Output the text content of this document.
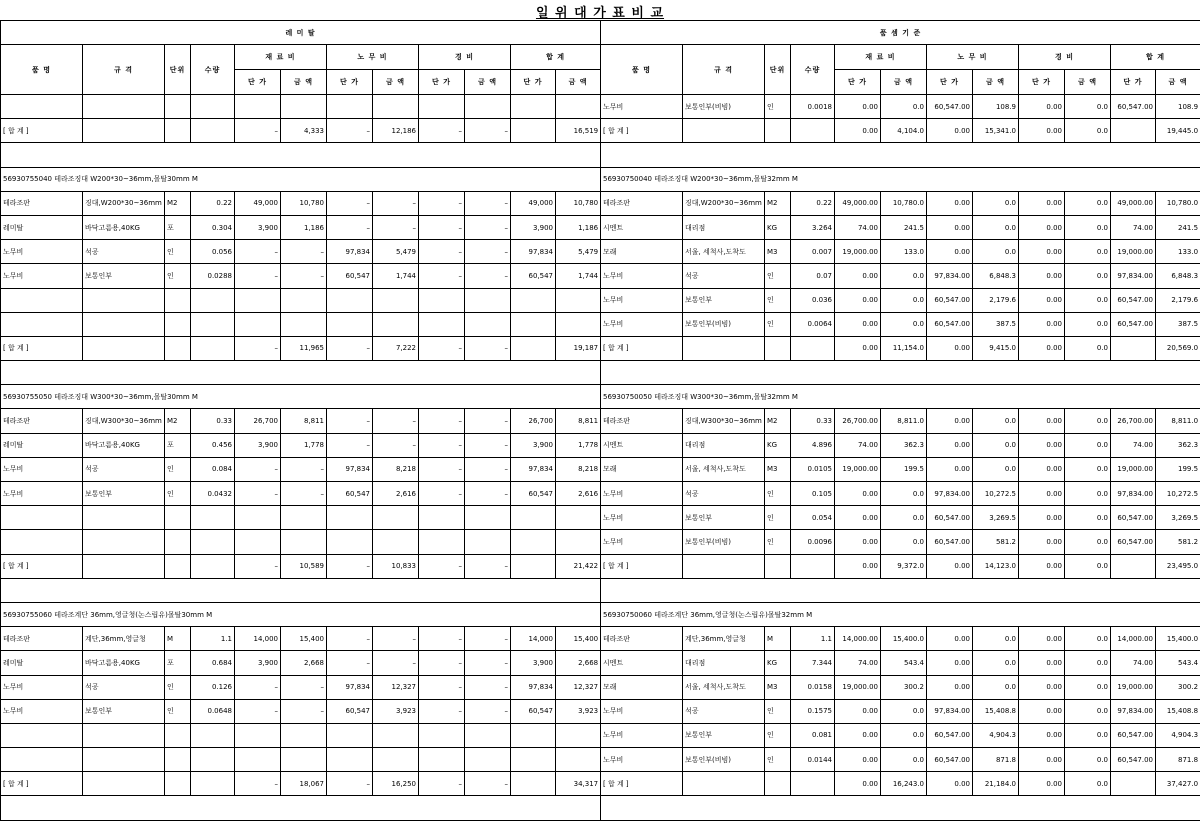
일 위 대 가 표 비 교
레 미 탈											
품 명	규 격	단위	수량	재 료 비		노 무 비		경 비		합 계	
				단 가	금 액	단 가	금 액	단 가	금 액	단 가	금 액

[ 합 계 ]				–	4,333	–	12,186	–	–		16,519

56930755040 테라조징대 W200*30~36mm,몰탈30mm M											
테라조판	징대,W200*30~36mm	M2	0.22	49,000	10,780	–	–	–	–	49,000	10,780
레미탈	바닥고름용,40KG	포	0.304	3,900	1,186	–	–	–	–	3,900	1,186
노무비	석공	인	0.056	–	–	97,834	5,479	–	–	97,834	5,479
노무비	보통인부	인	0.0288	–	–	60,547	1,744	–	–	60,547	1,744

[ 합 계 ]				–	11,965	–	7,222	–	–		19,187

56930755050 테라조징대 W300*30~36mm,몰탈30mm M											
테라조판	징대,W300*30~36mm	M2	0.33	26,700	8,811	–	–	–	–	26,700	8,811
레미탈	바닥고름용,40KG	포	0.456	3,900	1,778	–	–	–	–	3,900	1,778
노무비	석공	인	0.084	–	–	97,834	8,218	–	–	97,834	8,218
노무비	보통인부	인	0.0432	–	–	60,547	2,616	–	–	60,547	2,616

[ 합 계 ]				–	10,589	–	10,833	–	–		21,422

56930755060 테라조계단 36mm,영글청(논스립유)몰탈30mm M											
테라조판	계단,36mm,영글청	M	1.1	14,000	15,400	–	–	–	–	14,000	15,400
레미탈	바닥고름용,40KG	포	0.684	3,900	2,668	–	–	–	–	3,900	2,668
노무비	석공	인	0.126	–	–	97,834	12,327	–	–	97,834	12,327
노무비	보통인부	인	0.0648	–	–	60,547	3,923	–	–	60,547	3,923

[ 합 계 ]				–	18,067	–	16,250	–	–		34,317

품 셈 기 준											
품 명	규 격	단위	수량	재 료 비		노 무 비		경 비		합 계	
				단 가	금 액	단 가	금 액	단 가	금 액	단 가	금 액
노무비	보통인부(비빔)	인	0.0018	0.00	0.0	60,547.00	108.9	0.00	0.0	60,547.00	108.9
[ 합 계 ]				0.00	4,104.0	0.00	15,341.0	0.00	0.0		19,445.0

56930750040 테라조징대 W200*30~36mm,몰탈32mm M											
테라조판	징대,W200*30~36mm	M2	0.22	49,000.00	10,780.0	0.00	0.0	0.00	0.0	49,000.00	10,780.0
시멘트	대리점	KG	3.264	74.00	241.5	0.00	0.0	0.00	0.0	74.00	241.5
모래	서울, 세척사,도착도	M3	0.007	19,000.00	133.0	0.00	0.0	0.00	0.0	19,000.00	133.0
노무비	석공	인	0.07	0.00	0.0	97,834.00	6,848.3	0.00	0.0	97,834.00	6,848.3
노무비	보통인부	인	0.036	0.00	0.0	60,547.00	2,179.6	0.00	0.0	60,547.00	2,179.6
노무비	보통인부(비빔)	인	0.0064	0.00	0.0	60,547.00	387.5	0.00	0.0	60,547.00	387.5
[ 합 계 ]				0.00	11,154.0	0.00	9,415.0	0.00	0.0		20,569.0

56930750050 테라조징대 W300*30~36mm,몰탈32mm M											
테라조판	징대,W300*30~36mm	M2	0.33	26,700.00	8,811.0	0.00	0.0	0.00	0.0	26,700.00	8,811.0
시멘트	대리점	KG	4.896	74.00	362.3	0.00	0.0	0.00	0.0	74.00	362.3
모래	서울, 세척사,도착도	M3	0.0105	19,000.00	199.5	0.00	0.0	0.00	0.0	19,000.00	199.5
노무비	석공	인	0.105	0.00	0.0	97,834.00	10,272.5	0.00	0.0	97,834.00	10,272.5
노무비	보통인부	인	0.054	0.00	0.0	60,547.00	3,269.5	0.00	0.0	60,547.00	3,269.5
노무비	보통인부(비빔)	인	0.0096	0.00	0.0	60,547.00	581.2	0.00	0.0	60,547.00	581.2
[ 합 계 ]				0.00	9,372.0	0.00	14,123.0	0.00	0.0		23,495.0

56930750060 테라조계단 36mm,영글청(논스립유)몰탈32mm M											
테라조판	계단,36mm,영글청	M	1.1	14,000.00	15,400.0	0.00	0.0	0.00	0.0	14,000.00	15,400.0
시멘트	대리점	KG	7.344	74.00	543.4	0.00	0.0	0.00	0.0	74.00	543.4
모래	서울, 세척사,도착도	M3	0.0158	19,000.00	300.2	0.00	0.0	0.00	0.0	19,000.00	300.2
노무비	석공	인	0.1575	0.00	0.0	97,834.00	15,408.8	0.00	0.0	97,834.00	15,408.8
노무비	보통인부	인	0.081	0.00	0.0	60,547.00	4,904.3	0.00	0.0	60,547.00	4,904.3
노무비	보통인부(비빔)	인	0.0144	0.00	0.0	60,547.00	871.8	0.00	0.0	60,547.00	871.8
[ 합 계 ]				0.00	16,243.0	0.00	21,184.0	0.00	0.0		37,427.0
